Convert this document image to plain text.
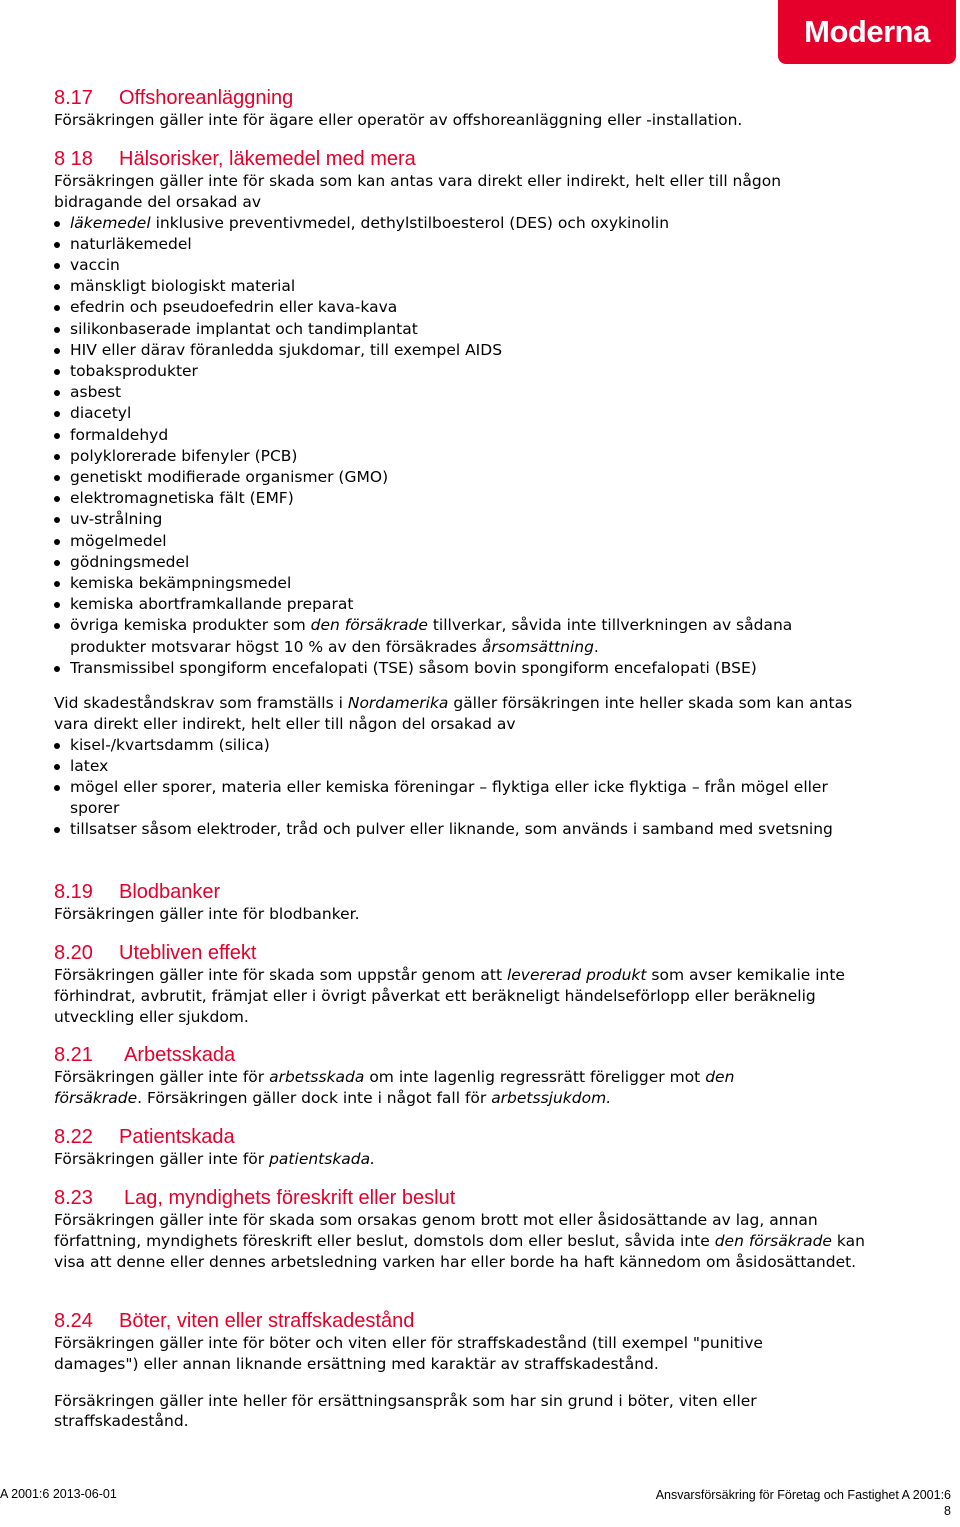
Moderna
8.17 Offshoreanläggning

Försäkringen gäller inte för ägare eller operatör av offshoreanläggning eller -installation.

8 18 Hälsorisker, läkemedel med mera

Försäkringen gäller inte för skada som kan antas vara direkt eller indirekt, helt eller till någon bidragande del orsakad av

läkemedel inklusive preventivmedel, dethylstilboesterol (DES) och oxykinolin
naturläkemedel
vaccin
mänskligt biologiskt material
efedrin och pseudoefedrin eller kava-kava
silikonbaserade implantat och tandimplantat
HIV eller därav föranledda sjukdomar, till exempel AIDS
tobaksprodukter
asbest
diacetyl
formaldehyd
polyklorerade bifenyler (PCB)
genetiskt modifierade organismer (GMO)
elektromagnetiska fält (EMF)
uv-strålning
mögelmedel
gödningsmedel
kemiska bekämpningsmedel
kemiska abortframkallande preparat
övriga kemiska produkter som den försäkrade tillverkar, såvida inte tillverkningen av sådana produkter motsvarar högst 10 % av den försäkrades årsomsättning.
Transmissibel spongiform encefalopati (TSE) såsom bovin spongiform encefalopati (BSE)

Vid skadeståndskrav som framställs i Nordamerika gäller försäkringen inte heller skada som kan antas vara direkt eller indirekt, helt eller till någon del orsakad av

kisel-/kvartsdamm (silica)
latex
mögel eller sporer, materia eller kemiska föreningar – flyktiga eller icke flyktiga – från mögel eller sporer
tillsatser såsom elektroder, tråd och pulver eller liknande, som används i samband med svetsning
8.19 Blodbanker

Försäkringen gäller inte för blodbanker.

8.20 Utebliven effekt

Försäkringen gäller inte för skada som uppstår genom att levererad produkt som avser kemikalie inte förhindrat, avbrutit, främjat eller i övrigt påverkat ett beräkneligt händelseförlopp eller beräknelig utveckling eller sjukdom.

8.21 Arbetsskada

Försäkringen gäller inte för arbetsskada om inte lagenlig regressrätt föreligger mot den försäkrade. Försäkringen gäller dock inte i något fall för arbetssjukdom.

8.22 Patientskada

Försäkringen gäller inte för patientskada.

8.23 Lag, myndighets föreskrift eller beslut

Försäkringen gäller inte för skada som orsakas genom brott mot eller åsidosättande av lag, annan författning, myndighets föreskrift eller beslut, domstols dom eller beslut, såvida inte den försäkrade kan visa att denne eller dennes arbetsledning varken har eller borde ha haft kännedom om åsidosättandet.

8.24 Böter, viten eller straffskadestånd

Försäkringen gäller inte för böter och viten eller för straffskadestånd (till exempel "punitive damages") eller annan liknande ersättning med karaktär av straffskadestånd.

Försäkringen gäller inte heller för ersättningsanspråk som har sin grund i böter, viten eller straffskadestånd.

A 2001:6 2013-06-01	Ansvarsförsäkring för Företag och Fastighet A 2001:6
8
